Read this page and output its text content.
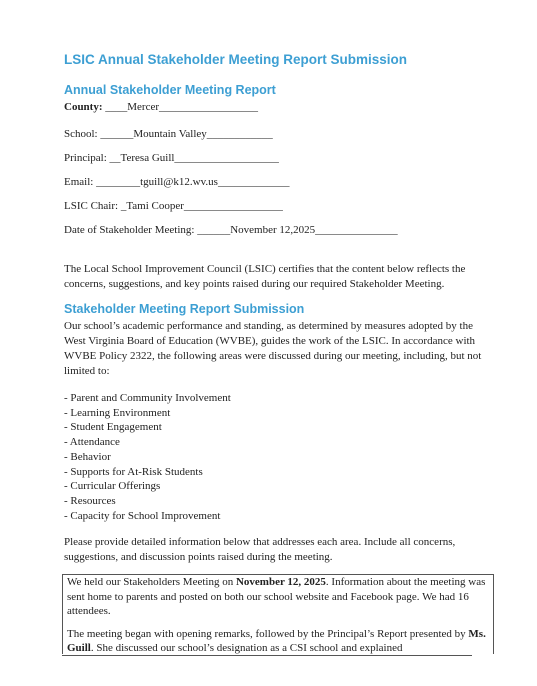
LSIC Annual Stakeholder Meeting Report Submission
Annual Stakeholder Meeting Report
County: ____Mercer__________________
School: ______Mountain Valley____________
Principal: __Teresa Guill___________________
Email: ________tguill@k12.wv.us_____________
LSIC Chair: _Tami Cooper__________________
Date of Stakeholder Meeting: ______November 12,2025_______________
The Local School Improvement Council (LSIC) certifies that the content below reflects the concerns, suggestions, and key points raised during our required Stakeholder Meeting.
Stakeholder Meeting Report Submission
Our school’s academic performance and standing, as determined by measures adopted by the West Virginia Board of Education (WVBE), guides the work of the LSIC. In accordance with WVBE Policy 2322, the following areas were discussed during our meeting, including, but not limited to:
- Parent and Community Involvement
- Learning Environment
- Student Engagement
- Attendance
- Behavior
- Supports for At-Risk Students
- Curricular Offerings
- Resources
- Capacity for School Improvement
Please provide detailed information below that addresses each area. Include all concerns, suggestions, and discussion points raised during the meeting.

We held our Stakeholders Meeting on November 12, 2025. Information about the meeting was sent home to parents and posted on both our school website and Facebook page. We had 16 attendees.

The meeting began with opening remarks, followed by the Principal’s Report presented by Ms. Guill. She discussed our school’s designation as a CSI school and explained
